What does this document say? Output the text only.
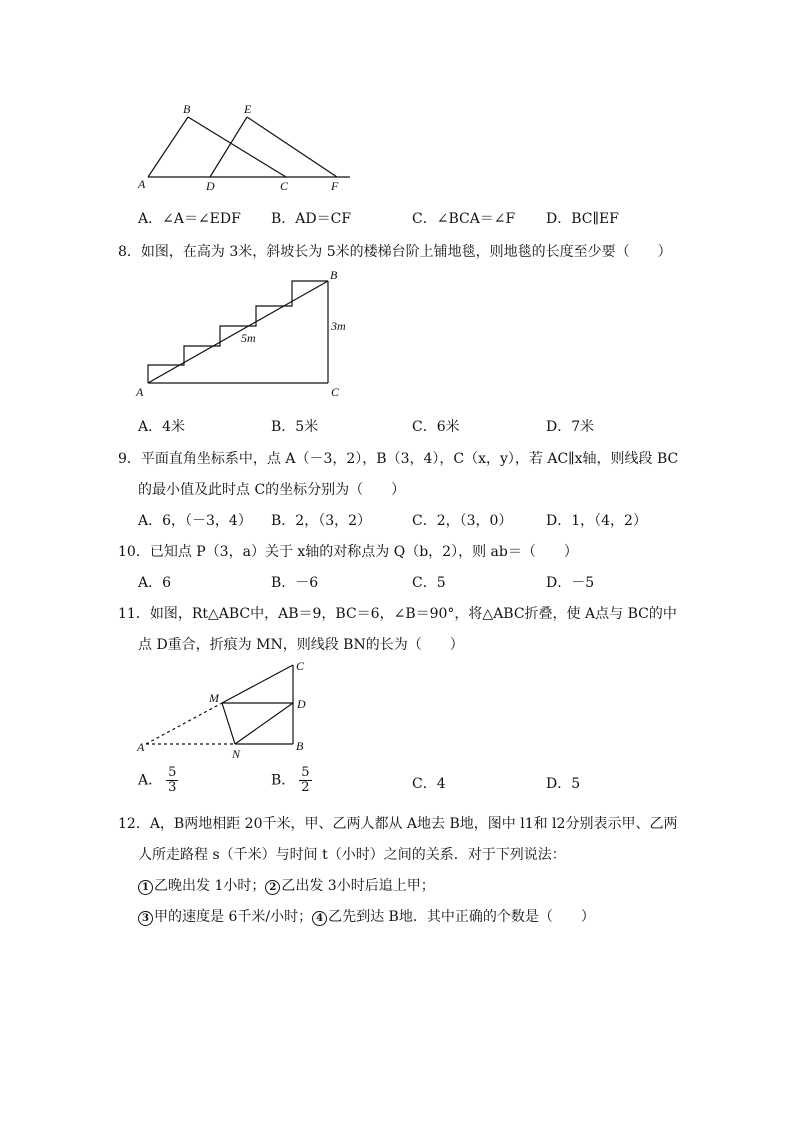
B	E
A	D	C	F
A．∠A＝∠EDF B．AD＝CF	C．∠BCA＝∠F D．BC∥EF
8．如图，在高为 3米，斜坡长为 5米的楼梯台阶上铺地毯，则地毯的长度至少要（　　）
A
B
C
5m
3m
A．4米	B．5米	C．6米	D．7米
9．平面直角坐标系中，点 A（－3，2），B（3，4），C（x，y），若 AC∥x轴，则线段 BC
的最小值及此时点 C的坐标分别为（　　）
A．6，（－3，4） B．2，（3，2）	C．2，（3，0） D．1，（4，2）
10．已知点 P（3，a）关于 x轴的对称点为 Q（b，2），则 ab＝（　　）
A．6	B．－6	C．5	D．－5
11．如图，Rt△ABC中，AB＝9，BC＝6，∠B＝90°，将△ABC折叠，使 A点与 BC的中
点 D重合，折痕为 MN，则线段 BN的长为（　　）
C
M	D
A	B
N
A． $\frac{5}{3}$	B． $\frac{5}{2}$	C．4	D．5
12．A，B两地相距 20千米，甲、乙两人都从 A地去 B地，图中 l1和 l2分别表示甲、乙两
人所走路程 s（千米）与时间 t（小时）之间的关系．对于下列说法：
1 乙晚出发 1小时； 2 乙出发 3小时后追上甲；
3 甲的速度是 6千米/小时； 4 乙先到达 B地．其中正确的个数是（　　）
